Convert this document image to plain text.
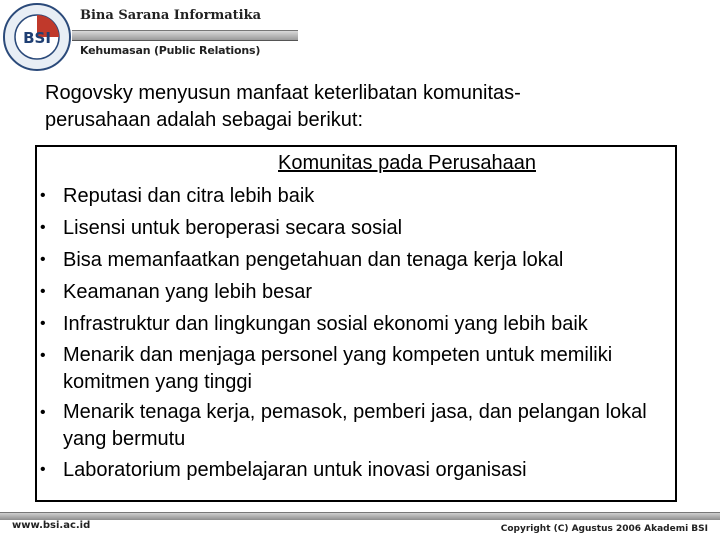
BSI
Bina Sarana Informatika
Kehumasan (Public Relations)
Rogovsky menyusun manfaat keterlibatan komunitas-
perusahaan adalah sebagai berikut:
Komunitas pada Perusahaan
• Reputasi dan citra lebih baik
• Lisensi untuk beroperasi secara sosial
• Bisa memanfaatkan pengetahuan dan tenaga kerja lokal
• Keamanan yang lebih besar
• Infrastruktur dan lingkungan sosial ekonomi yang lebih baik
• Menarik dan menjaga personel yang kompeten untuk memiliki komitmen yang tinggi
• Menarik tenaga kerja, pemasok, pemberi jasa, dan pelangan lokal yang bermutu
• Laboratorium pembelajaran untuk inovasi organisasi
www.bsi.ac.id	Copyright (C) Agustus 2006 Akademi BSI
